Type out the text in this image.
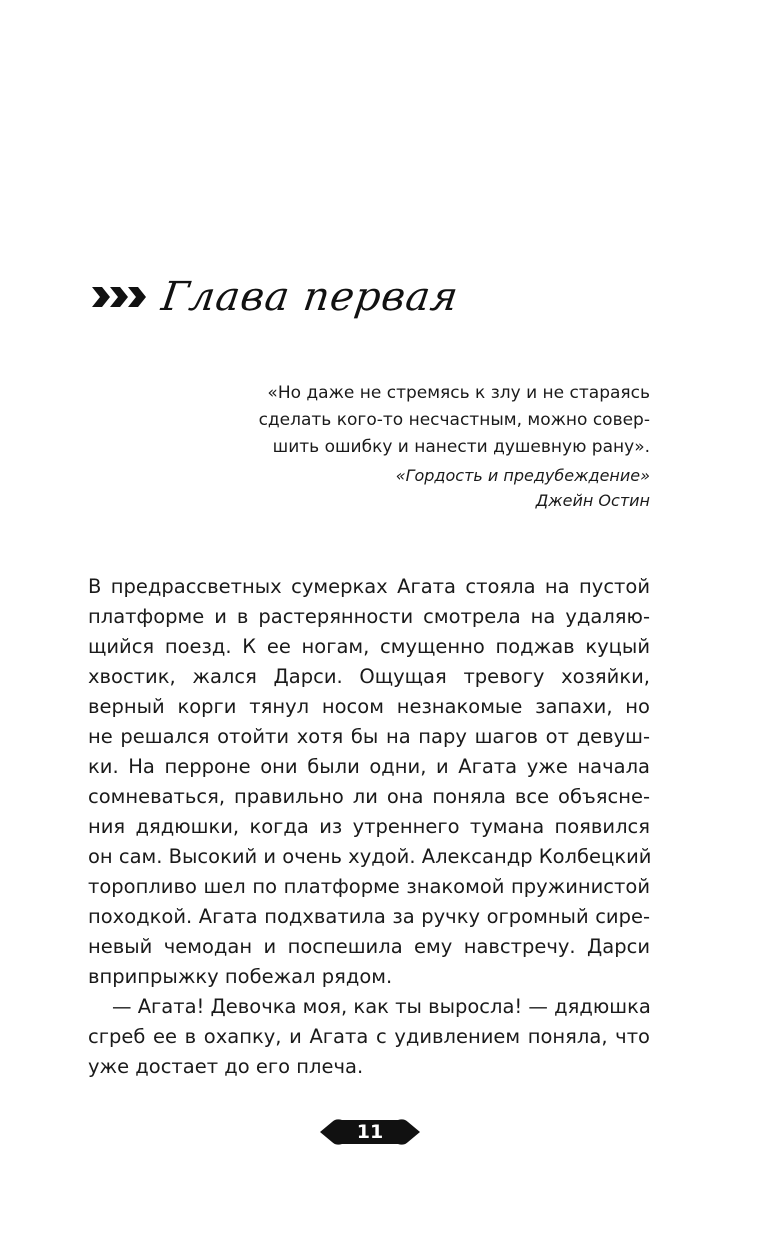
Глава первая
«Но даже не стремясь к злу и не стараясь
сделать кого-то несчастным, можно совер-
шить ошибку и нанести душевную рану».
«Гордость и предубеждение»
Джейн Остин
В предрассветных сумерках Агата стояла на пустой
платформе и в растерянности смотрела на удаляю-
щийся поезд. К ее ногам, смущенно поджав куцый
хвостик, жался Дарси. Ощущая тревогу хозяйки,
верный корги тянул носом незнакомые запахи, но
не решался отойти хотя бы на пару шагов от девуш-
ки. На перроне они были одни, и Агата уже начала
сомневаться, правильно ли она поняла все объясне-
ния дядюшки, когда из утреннего тумана появился
он сам. Высокий и очень худой. Александр Колбецкий
торопливо шел по платформе знакомой пружинистой
походкой. Агата подхватила за ручку огромный сире-
невый чемодан и поспешила ему навстречу. Дарси
вприпрыжку побежал рядом.
— Агата! Девочка моя, как ты выросла! — дядюшка
сгреб ее в охапку, и Агата с удивлением поняла, что
уже достает до его плеча.
11
